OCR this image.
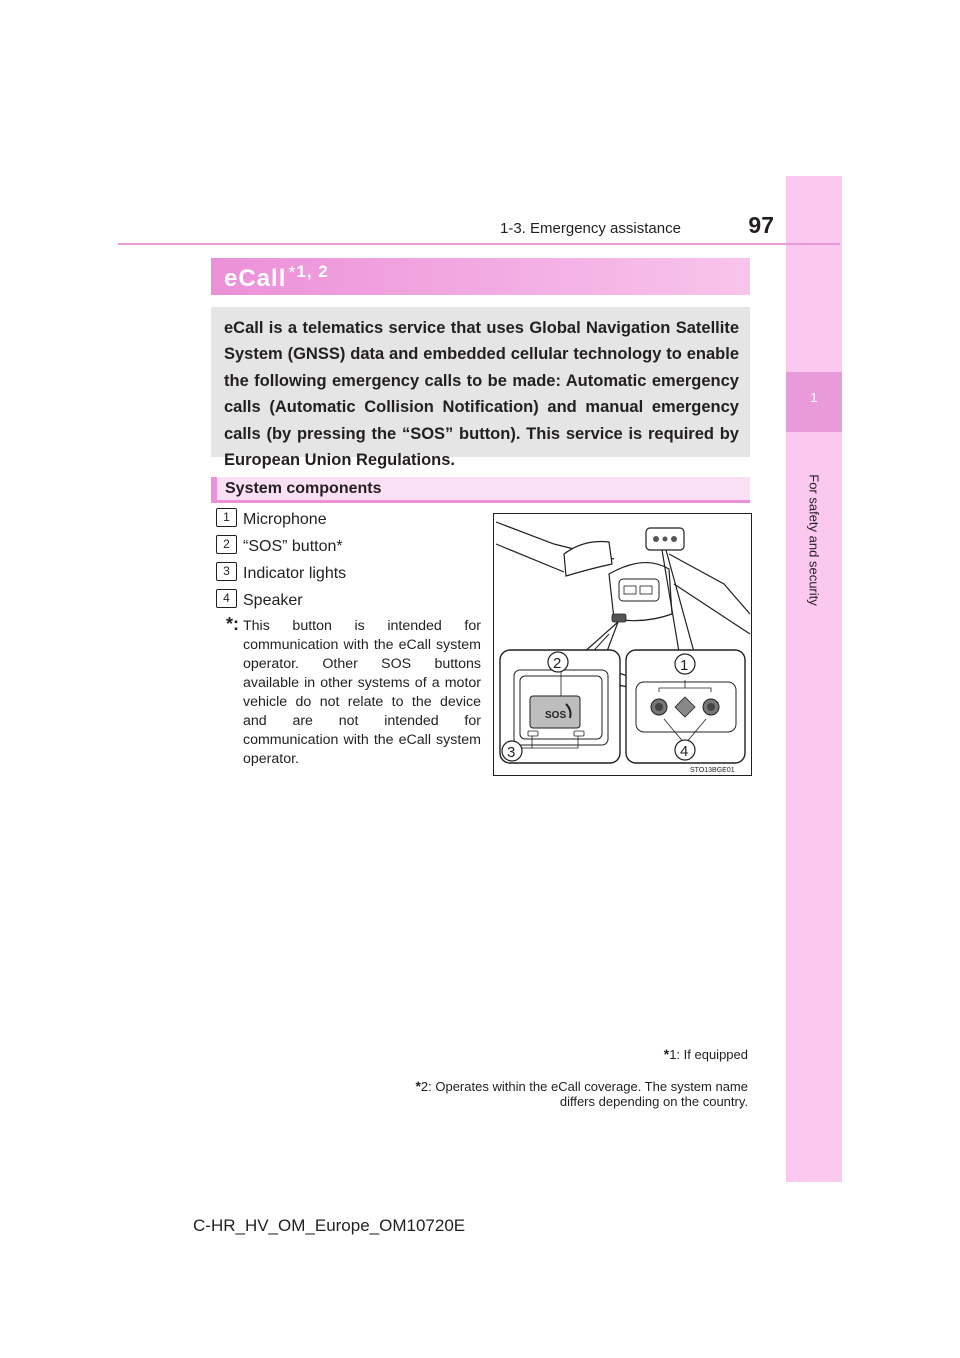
1
For safety and security
1-3. Emergency assistance	97
eCall $^{*1, 2}$
eCall is a telematics service that uses Global Navigation Satellite System (GNSS) data and embedded cellular technology to enable the following emergency calls to be made: Automatic emergency calls (Automatic Collision Notification) and manual emergency calls (by pressing the “SOS” button). This service is required by European Union Regulations.
System components
1 Microphone
2 “SOS” button*
3 Indicator lights
4 Speaker
*: This button is intended for communication with the eCall system operator. Other SOS buttons available in other systems of a motor vehicle do not relate to the device and are not intended for communication with the eCall system operator.
SOS
2
3
1
4
STO13BGE01
*1: If equipped
*2: Operates within the eCall coverage. The system name differs depending on the country.
C-HR_HV_OM_Europe_OM10720E
